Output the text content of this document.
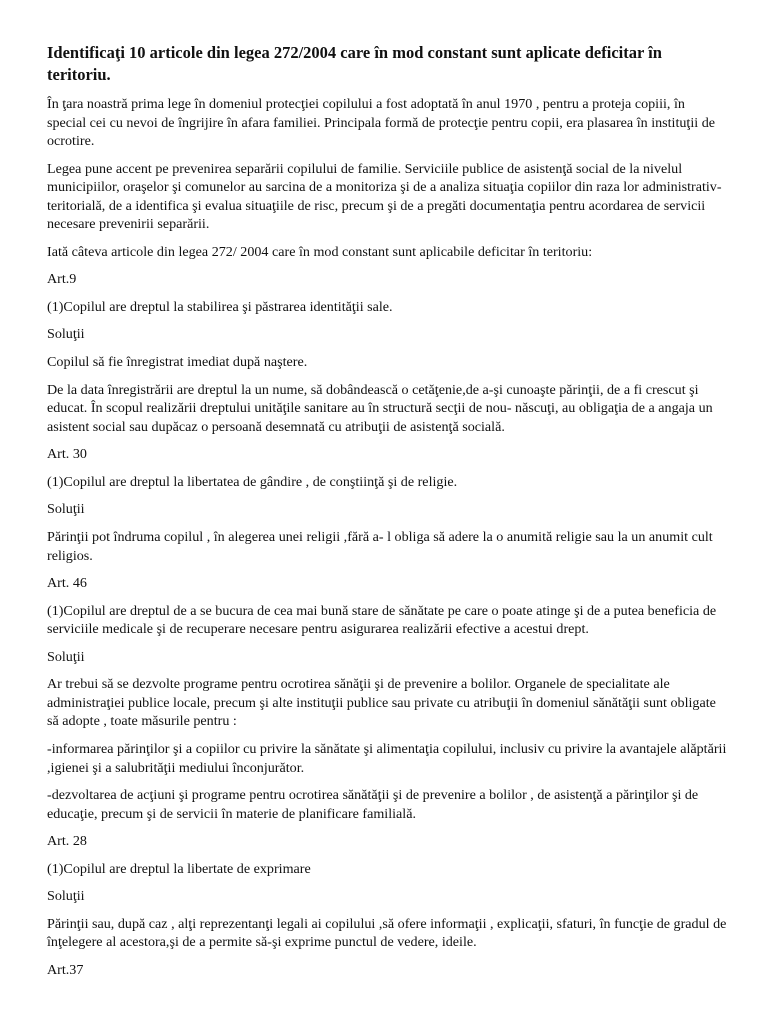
Identificaţi 10 articole din legea 272/2004 care în mod constant sunt aplicate deficitar în teritoriu.

În ţara noastră prima lege în domeniul protecţiei copilului a fost adoptată în anul 1970 , pentru a proteja copiii, în special cei cu nevoi de îngrijire în afara familiei. Principala formă de protecţie pentru copii, era plasarea în instituţii de ocrotire.

Legea pune accent pe prevenirea separării copilului de familie. Serviciile publice de asistenţă social de la nivelul municipiilor, oraşelor şi comunelor au sarcina de a monitoriza şi de a analiza situaţia copiilor din raza lor administrativ- teritorială, de a identifica şi evalua situaţiile de risc, precum şi de a pregăti documentaţia pentru acordarea de servicii necesare prevenirii separării.

Iată câteva articole din legea 272/ 2004 care în mod constant sunt aplicabile deficitar în teritoriu:

Art.9

(1)Copilul are dreptul la stabilirea şi păstrarea identităţii sale.

Soluţii

Copilul să fie înregistrat imediat după naştere.

De la data înregistrării are dreptul la un nume, să dobândească o cetăţenie,de a-şi cunoaşte părinţii, de a fi crescut şi educat. În scopul realizării dreptului unităţile sanitare au în structură secţii de nou- născuţi, au obligaţia de a angaja un asistent social sau dupăcaz o persoană desemnată cu atribuţii de asistenţă socială.

Art. 30

(1)Copilul are dreptul la libertatea de gândire , de conştiinţă şi de religie.

Soluţii

Părinţii pot îndruma copilul , în alegerea unei religii ,fără a- l obliga să adere la o anumită religie sau la un anumit cult religios.

Art. 46

(1)Copilul are dreptul de a se bucura de cea mai bună stare de sănătate pe care o poate atinge şi de a putea beneficia de serviciile medicale şi de recuperare necesare pentru asigurarea realizării efective a acestui drept.

Soluţii

Ar trebui să se dezvolte programe pentru ocrotirea sănăţii şi de prevenire a bolilor. Organele de specialitate ale administraţiei publice locale, precum şi alte instituţii publice sau private cu atribuţii în domeniul sănătăţii sunt obligate să adopte , toate măsurile pentru :

-informarea părinţilor şi a copiilor cu privire la sănătate şi alimentaţia copilului, inclusiv cu privire la avantajele alăptării ,igienei şi a salubrităţii mediului înconjurător.

-dezvoltarea de acţiuni şi programe pentru ocrotirea sănătăţii şi de prevenire a bolilor , de asistenţă a părinţilor şi de educaţie, precum şi de servicii în materie de planificare familială.

Art. 28

(1)Copilul are dreptul la libertate de exprimare

Soluţii

Părinţii sau, după caz , alţi reprezentanţi legali ai copilului ,să ofere informaţii , explicaţii, sfaturi, în funcţie de gradul de înţelegere al acestora,şi de a permite să-şi exprime punctul de vedere, ideile.

Art.37
